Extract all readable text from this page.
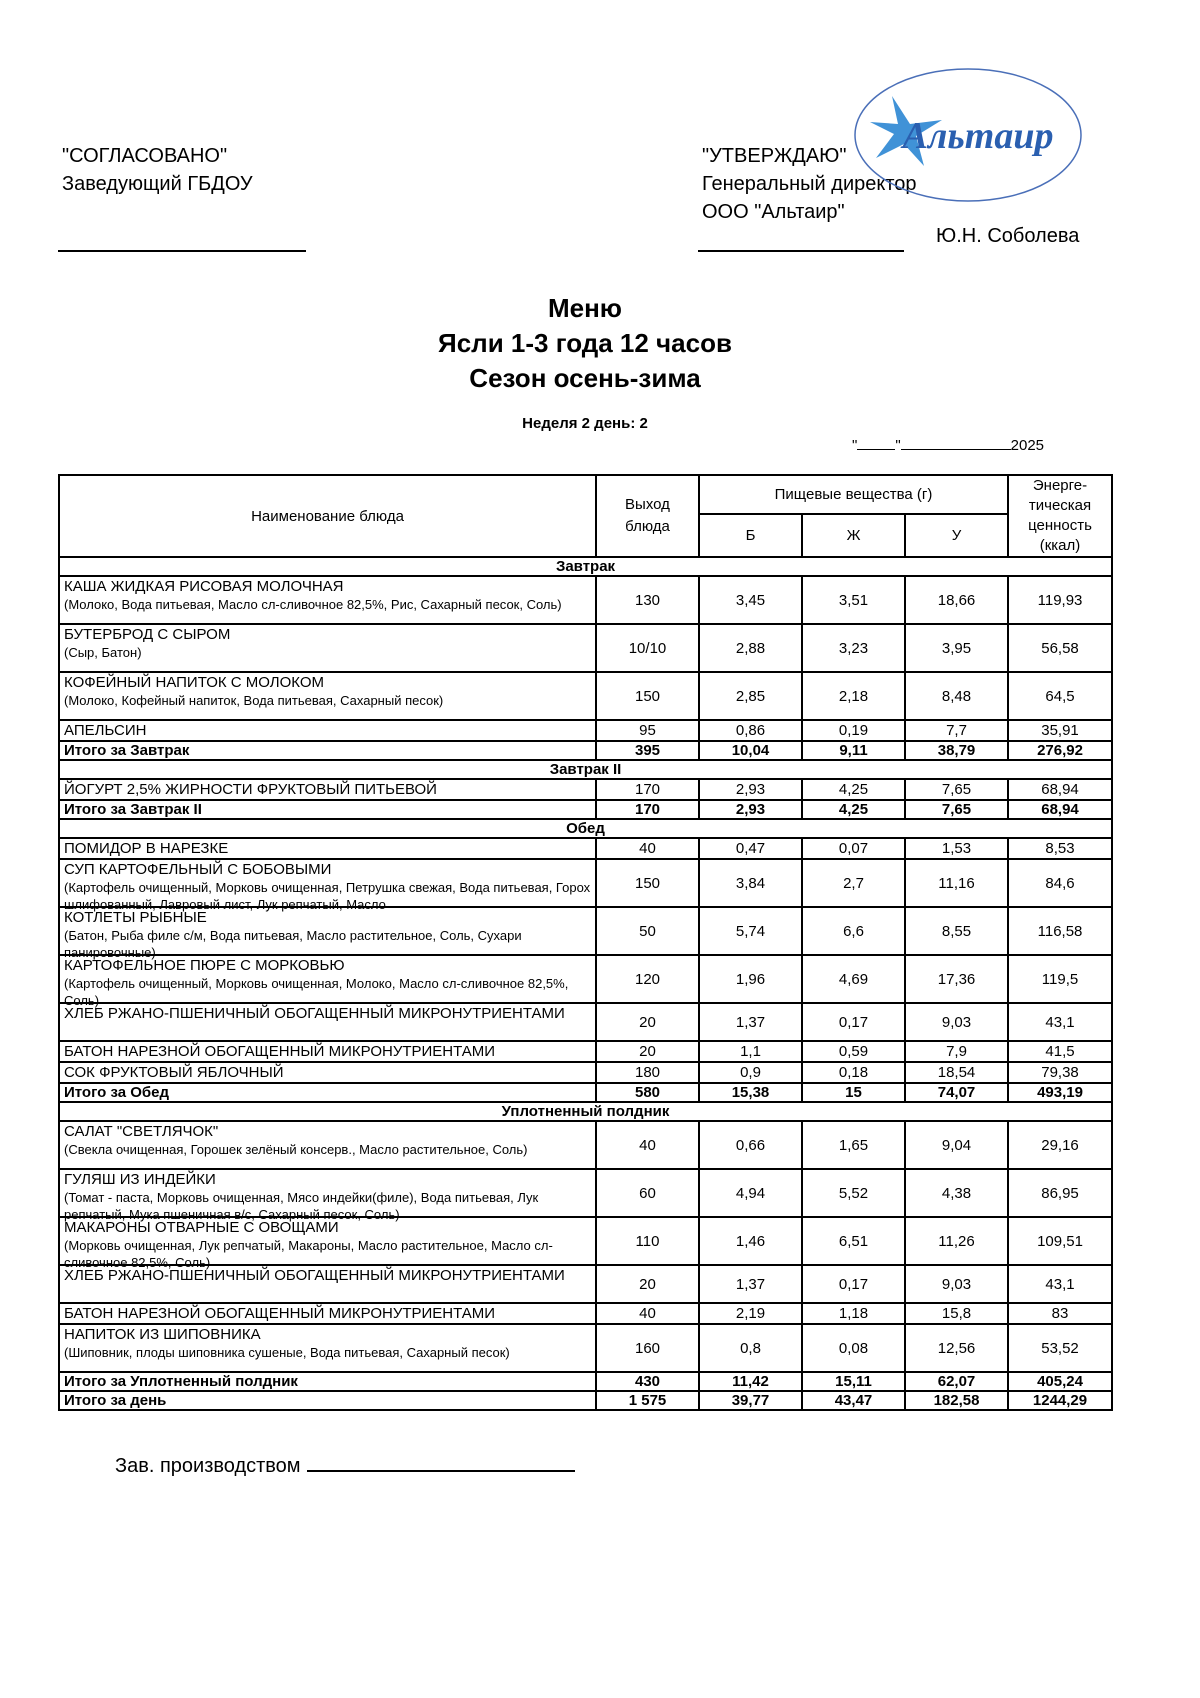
"СОГЛАСОВАНО"
Заведующий ГБДОУ
"УТВЕРЖДАЮ"
Генеральный директор
ООО "Альтаир"
Ю.Н. Соболева
Альтаир
Меню
Ясли 1-3 года 12 часов
Сезон осень-зима
Неделя 2 день: 2
"	"	2025
Наименование блюда	Выход блюда	Пищевые вещества (г)			Энерге-тическая ценность (ккал)
		Б	Ж	У	
Завтрак					

КАША ЖИДКАЯ РИСОВАЯ МОЛОЧНАЯ
(Молоко, Вода питьевая, Масло сл-сливочное 82,5%, Рис, Сахарный песок, Соль)	130	3,45	3,51	18,66	119,93

БУТЕРБРОД С СЫРОМ
(Сыр, Батон)	10/10	2,88	3,23	3,95	56,58

КОФЕЙНЫЙ НАПИТОК С МОЛОКОМ
(Молоко, Кофейный напиток, Вода питьевая, Сахарный песок)	150	2,85	2,18	8,48	64,5

АПЕЛЬСИН	95	0,86	0,19	7,7	35,91
Итого за Завтрак	395	10,04	9,11	38,79	276,92
Завтрак II					

ЙОГУРТ 2,5% ЖИРНОСТИ ФРУКТОВЫЙ ПИТЬЕВОЙ	170	2,93	4,25	7,65	68,94
Итого за Завтрак II	170	2,93	4,25	7,65	68,94
Обед					

ПОМИДОР В НАРЕЗКЕ	40	0,47	0,07	1,53	8,53

СУП КАРТОФЕЛЬНЫЙ С БОБОВЫМИ
(Картофель очищенный, Морковь очищенная, Петрушка свежая, Вода питьевая, Горох шлифованный, Лавровый лист, Лук репчатый, Масло	150	3,84	2,7	11,16	84,6

КОТЛЕТЫ РЫБНЫЕ
(Батон, Рыба филе с/м, Вода питьевая, Масло растительное, Соль, Сухари панировочные)	50	5,74	6,6	8,55	116,58

КАРТОФЕЛЬНОЕ ПЮРЕ С МОРКОВЬЮ
(Картофель очищенный, Морковь очищенная, Молоко, Масло сл-сливочное 82,5%, Соль)	120	1,96	4,69	17,36	119,5

ХЛЕБ РЖАНО-ПШЕНИЧНЫЙ ОБОГАЩЕННЫЙ МИКРОНУТРИЕНТАМИ	20	1,37	0,17	9,03	43,1

БАТОН НАРЕЗНОЙ ОБОГАЩЕННЫЙ МИКРОНУТРИЕНТАМИ	20	1,1	0,59	7,9	41,5

СОК ФРУКТОВЫЙ ЯБЛОЧНЫЙ	180	0,9	0,18	18,54	79,38
Итого за Обед	580	15,38	15	74,07	493,19
Уплотненный полдник					

САЛАТ "СВЕТЛЯЧОК"
(Свекла очищенная, Горошек зелёный консерв., Масло растительное, Соль)	40	0,66	1,65	9,04	29,16

ГУЛЯШ ИЗ ИНДЕЙКИ
(Томат - паста, Морковь очищенная, Мясо индейки(филе), Вода питьевая, Лук репчатый, Мука пшеничная в/с, Сахарный песок, Соль)	60	4,94	5,52	4,38	86,95

МАКАРОНЫ ОТВАРНЫЕ С ОВОЩАМИ
(Морковь очищенная, Лук репчатый, Макароны, Масло растительное, Масло сл-сливочное 82,5%, Соль)	110	1,46	6,51	11,26	109,51

ХЛЕБ РЖАНО-ПШЕНИЧНЫЙ ОБОГАЩЕННЫЙ МИКРОНУТРИЕНТАМИ	20	1,37	0,17	9,03	43,1

БАТОН НАРЕЗНОЙ ОБОГАЩЕННЫЙ МИКРОНУТРИЕНТАМИ	40	2,19	1,18	15,8	83

НАПИТОК ИЗ ШИПОВНИКА
(Шиповник, плоды шиповника сушеные, Вода питьевая, Сахарный песок)	160	0,8	0,08	12,56	53,52
Итого за Уплотненный полдник	430	11,42	15,11	62,07	405,24
Итого за день	1 575	39,77	43,47	182,58	1244,29
Зав. производством
